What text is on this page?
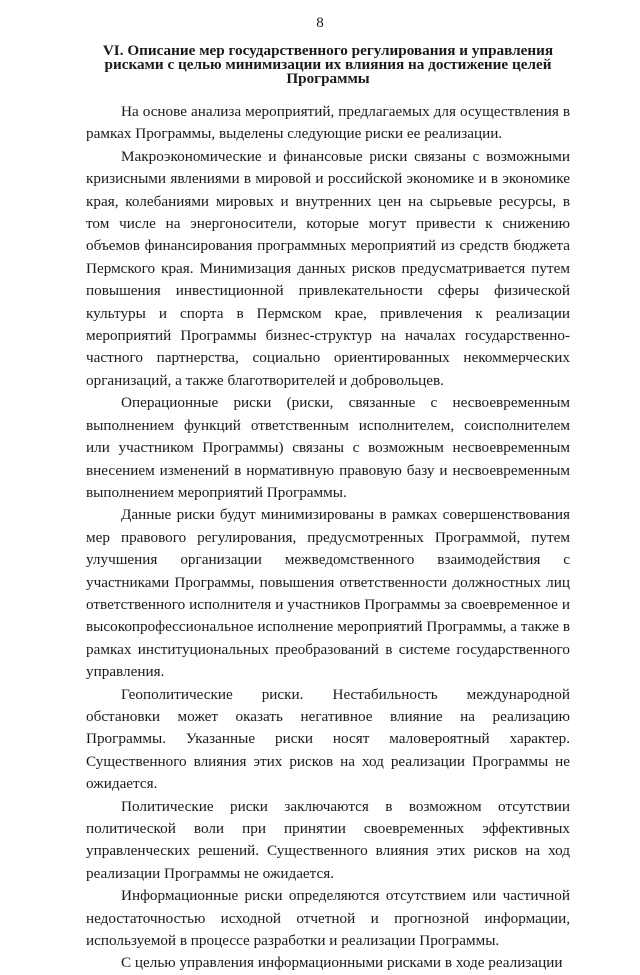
8
VI. Описание мер государственного регулирования и управления рисками с целью минимизации их влияния на достижение целей Программы

На основе анализа мероприятий, предлагаемых для осуществления в рамках Программы, выделены следующие риски ее реализации.

Макроэкономические и финансовые риски связаны с возможными кризисными явлениями в мировой и российской экономике и в экономике края, колебаниями мировых и внутренних цен на сырьевые ресурсы, в том числе на энергоносители, которые могут привести к снижению объемов финансирования программных мероприятий из средств бюджета Пермского края. Минимизация данных рисков предусматривается путем повышения инвестиционной привлекательности сферы физической культуры и спорта в Пермском крае, привлечения к реализации мероприятий Программы бизнес-структур на началах государственно-частного партнерства, социально ориентированных некоммерческих организаций, а также благотворителей и добровольцев.

Операционные риски (риски, связанные с несвоевременным выполнением функций ответственным исполнителем, соисполнителем или участником Программы) связаны с возможным несвоевременным внесением изменений в нормативную правовую базу и несвоевременным выполнением мероприятий Программы.

Данные риски будут минимизированы в рамках совершенствования мер правового регулирования, предусмотренных Программой, путем улучшения организации межведомственного взаимодействия с участниками Программы, повышения ответственности должностных лиц ответственного исполнителя и участников Программы за своевременное и высокопрофессиональное исполнение мероприятий Программы, а также в рамках институциональных преобразований в системе государственного управления.

Геополитические риски. Нестабильность международной обстановки может оказать негативное влияние на реализацию Программы. Указанные риски носят маловероятный характер. Существенного влияния этих рисков на ход реализации Программы не ожидается.

Политические риски заключаются в возможном отсутствии политической воли при принятии своевременных эффективных управленческих решений. Существенного влияния этих рисков на ход реализации Программы не ожидается.

Информационные риски определяются отсутствием или частичной недостаточностью исходной отчетной и прогнозной информации, используемой в процессе разработки и реализации Программы.

С целью управления информационными рисками в ходе реализации
